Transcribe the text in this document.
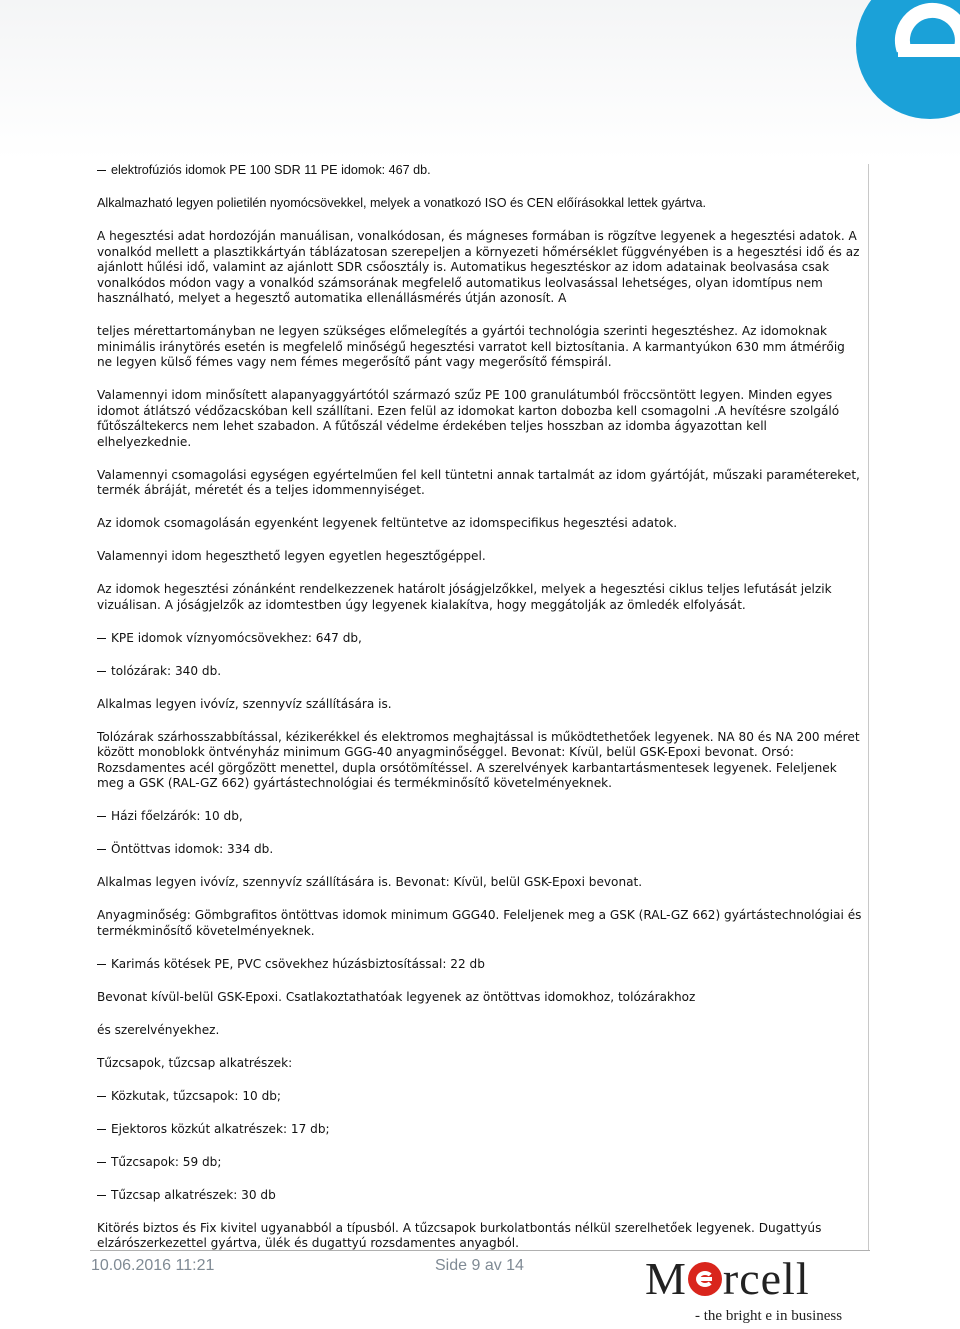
elektrofúziós idomok PE 100 SDR 11 PE idomok: 467 db.

Alkalmazható legyen polietilén nyomócsövekkel, melyek a vonatkozó ISO és CEN előírásokkal lettek gyártva.

A hegesztési adat hordozóján manuálisan, vonalkódosan, és mágneses formában is rögzítve legyenek a hegesztési adatok. A vonalkód mellett a plasztikkártyán táblázatosan szerepeljen a környezeti hőmérséklet függvényében is a hegesztési idő és az ajánlott hűlési idő, valamint az ajánlott SDR csőosztály is. Automatikus hegesztéskor az idom adatainak beolvasása csak vonalkódos módon vagy a vonalkód számsorának megfelelő automatikus leolvasással lehetséges, olyan idomtípus nem használható, melyet a hegesztő automatika ellenállásmérés útján azonosít. A

teljes mérettartományban ne legyen szükséges előmelegítés a gyártói technológia szerinti hegesztéshez. Az idomoknak minimális iránytörés esetén is megfelelő minőségű hegesztési varratot kell biztosítania. A karmantyúkon 630 mm átmérőig ne legyen külső fémes vagy nem fémes megerősítő pánt vagy megerősítő fémspirál.

Valamennyi idom minősített alapanyaggyártótól származó szűz PE 100 granulátumból fröccsöntött legyen. Minden egyes idomot átlátszó védőzacskóban kell szállítani. Ezen felül az idomokat karton dobozba kell csomagolni .A hevítésre szolgáló fűtőszáltekercs nem lehet szabadon. A fűtőszál védelme érdekében teljes hosszban az idomba ágyazottan kell elhelyezkednie.

Valamennyi csomagolási egységen egyértelműen fel kell tüntetni annak tartalmát az idom gyártóját, műszaki paramétereket, termék ábráját, méretét és a teljes idommennyiséget.

Az idomok csomagolásán egyenként legyenek feltüntetve az idomspecifikus hegesztési adatok.

Valamennyi idom hegeszthető legyen egyetlen hegesztőgéppel.

Az idomok hegesztési zónánként rendelkezzenek határolt jóságjelzőkkel, melyek a hegesztési ciklus teljes lefutását jelzik vizuálisan. A jóságjelzők az idomtestben úgy legyenek kialakítva, hogy meggátolják az ömledék elfolyását.

KPE idomok víznyomócsövekhez: 647 db,

tolózárak: 340 db.

Alkalmas legyen ivóvíz, szennyvíz szállítására is.

Tolózárak szárhosszabbítással, kézikerékkel és elektromos meghajtással is működtethetőek legyenek. NA 80 és NA 200 méret között monoblokk öntvényház minimum GGG-40 anyagminőséggel. Bevonat: Kívül, belül GSK-Epoxi bevonat. Orsó: Rozsdamentes acél görgőzött menettel, dupla orsótömítéssel. A szerelvények karbantartásmentesek legyenek. Feleljenek meg a GSK (RAL-GZ 662) gyártástechnológiai és termékminősítő követelményeknek.

Házi főelzárók: 10 db,

Öntöttvas idomok: 334 db.

Alkalmas legyen ivóvíz, szennyvíz szállítására is. Bevonat: Kívül, belül GSK-Epoxi bevonat.

Anyagminőség: Gömbgrafitos öntöttvas idomok minimum GGG40. Feleljenek meg a GSK (RAL-GZ 662) gyártástechnológiai és termékminősítő követelményeknek.

Karimás kötések PE, PVC csövekhez húzásbiztosítással: 22 db

Bevonat kívül-belül GSK-Epoxi. Csatlakoztathatóak legyenek az öntöttvas idomokhoz, tolózárakhoz

és szerelvényekhez.

Tűzcsapok, tűzcsap alkatrészek:

Közkutak, tűzcsapok: 10 db;

Ejektoros közkút alkatrészek: 17 db;

Tűzcsapok: 59 db;

Tűzcsap alkatrészek: 30 db

Kitörés biztos és Fix kivitel ugyanabból a típusból. A tűzcsapok burkolatbontás nélkül szerelhetőek legyenek. Dugattyús elzárószerkezettel gyártva, ülék és dugattyú rozsdamentes anyagból.

10.06.2016 11:21	Side 9 av 14	M rcell
- the bright e in business
